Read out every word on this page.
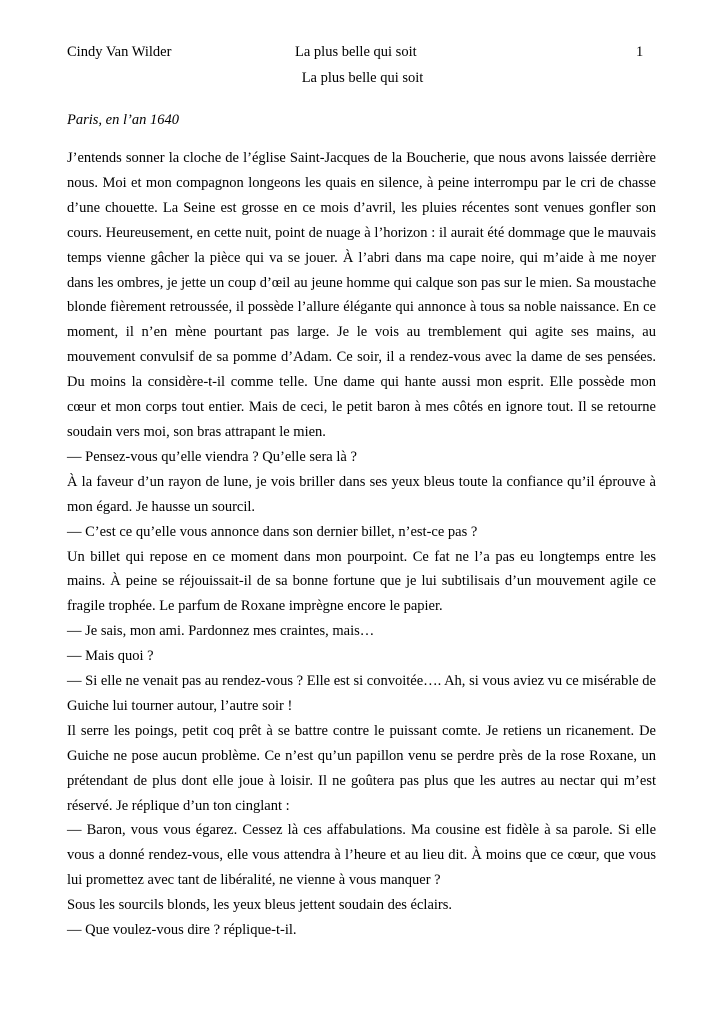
Cindy Van Wilder	La plus belle qui soit	1
La plus belle qui soit
Paris, en l’an 1640

J’entends sonner la cloche de l’église Saint-Jacques de la Boucherie, que nous avons laissée derrière nous. Moi et mon compagnon longeons les quais en silence, à peine interrompu par le cri de chasse d’une chouette. La Seine est grosse en ce mois d’avril, les pluies récentes sont venues gonfler son cours. Heureusement, en cette nuit, point de nuage à l’horizon : il aurait été dommage que le mauvais temps vienne gâcher la pièce qui va se jouer. À l’abri dans ma cape noire, qui m’aide à me noyer dans les ombres, je jette un coup d’œil au jeune homme qui calque son pas sur le mien. Sa moustache blonde fièrement retroussée, il possède l’allure élégante qui annonce à tous sa noble naissance. En ce moment, il n’en mène pourtant pas large. Je le vois au tremblement qui agite ses mains, au mouvement convulsif de sa pomme d’Adam. Ce soir, il a rendez-vous avec la dame de ses pensées. Du moins la considère-t-il comme telle. Une dame qui hante aussi mon esprit. Elle possède mon cœur et mon corps tout entier. Mais de ceci, le petit baron à mes côtés en ignore tout. Il se retourne soudain vers moi, son bras attrapant le mien.

— Pensez-vous qu’elle viendra ? Qu’elle sera là ?

À la faveur d’un rayon de lune, je vois briller dans ses yeux bleus toute la confiance qu’il éprouve à mon égard. Je hausse un sourcil.

— C’est ce qu’elle vous annonce dans son dernier billet, n’est-ce pas ?

Un billet qui repose en ce moment dans mon pourpoint. Ce fat ne l’a pas eu longtemps entre les mains. À peine se réjouissait-il de sa bonne fortune que je lui subtilisais d’un mouvement agile ce fragile trophée. Le parfum de Roxane imprègne encore le papier.

— Je sais, mon ami. Pardonnez mes craintes, mais…

— Mais quoi ?

— Si elle ne venait pas au rendez-vous ? Elle est si convoitée…. Ah, si vous aviez vu ce misérable de Guiche lui tourner autour, l’autre soir !

Il serre les poings, petit coq prêt à se battre contre le puissant comte. Je retiens un ricanement. De Guiche ne pose aucun problème. Ce n’est qu’un papillon venu se perdre près de la rose Roxane, un prétendant de plus dont elle joue à loisir. Il ne goûtera pas plus que les autres au nectar qui m’est réservé. Je réplique d’un ton cinglant :

— Baron, vous vous égarez. Cessez là ces affabulations. Ma cousine est fidèle à sa parole. Si elle vous a donné rendez-vous, elle vous attendra à l’heure et au lieu dit. À moins que ce cœur, que vous lui promettez avec tant de libéralité, ne vienne à vous manquer ?

Sous les sourcils blonds, les yeux bleus jettent soudain des éclairs.

— Que voulez-vous dire ? réplique-t-il.
